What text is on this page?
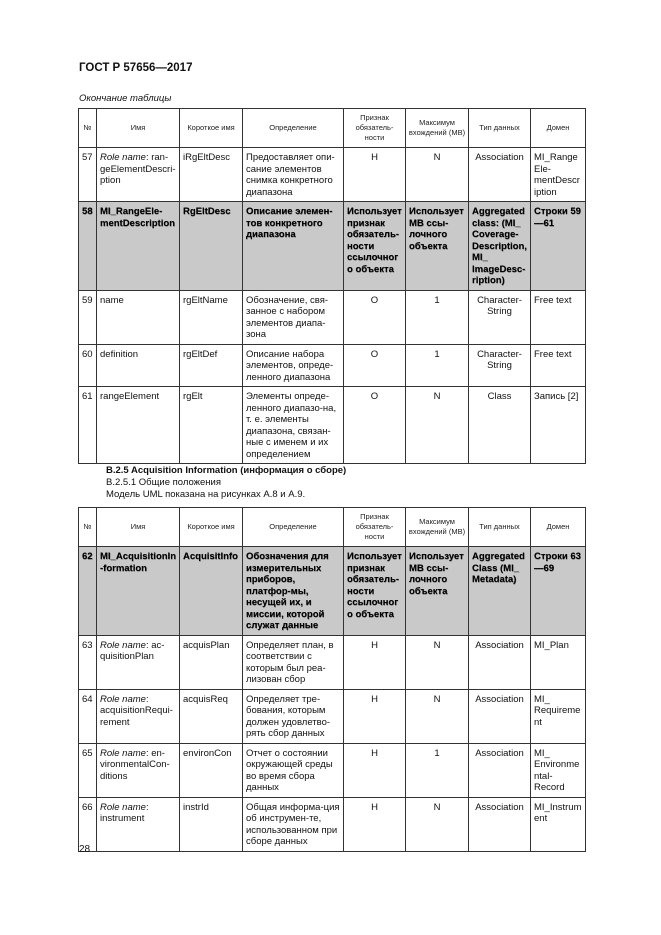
ГОСТ Р 57656—2017
Окончание таблицы
№	Имя	Короткое имя	Определение	Признак обязатель-ности	Максимум вхождений (MB)	Тип данных	Домен
57	Role name: ran-geElementDescri-ption	iRgEltDesc	Предоставляет опи-сание элементов снимка конкретного диапазона	Н	N	Association	MI_RangeEle-mentDescription
58	MI_RangeEle-mentDescription	RgEltDesc	Описание элемен-тов конкретного диапазона	Использует признак обязатель-ности ссылочного объекта	Использует MB ссы-лочного объекта	Aggregated class: (MI_ Coverage-Description, MI_ ImageDesc-ription)	Строки 59—61
59	name	rgEltName	Обозначение, свя-занное с набором элементов диапа-зона	О	1	Character-String	Free text
60	definition	rgEltDef	Описание набора элементов, опреде-ленного диапазона	О	1	Character-String	Free text
61	rangeElement	rgElt	Элементы опреде-ленного диапазо-на, т. е. элементы диапазона, связан-ные с именем и их определением	О	N	Class	Запись [2]
B.2.5 Acquisition Information (информация о сборе)
B.2.5.1 Общие положения
Модель UML показана на рисунках А.8 и А.9.
№	Имя	Короткое имя	Определение	Признак обязатель-ности	Максимум вхождений (MB)	Тип данных	Домен
62	MI_AcquisitionIn-formation	AcquisitInfo	Обозначения для измерительных приборов, платфор-мы, несущей их, и миссии, которой служат данные	Использует признак обязатель-ности ссылочного объекта	Использует MB ссы-лочного объекта	Aggregated Class (MI_ Metadata)	Строки 63—69
63	Role name: ac-quisitionPlan	acquisPlan	Определяет план, в соответствии с которым был реа-лизован сбор	Н	N	Association	MI_Plan
64	Role name: acquisitionRequi-rement	acquisReq	Определяет тре-бования, которым должен удовлетво-рять сбор данных	Н	N	Association	MI_ Requirement
65	Role name: en-vironmentalCon-ditions	environCon	Отчет о состоянии окружающей среды во время сбора данных	Н	1	Association	MI_ Environmental-Record
66	Role name: instrument	instrId	Общая информа-ция об инструмен-те, использованном при сборе данных	Н	N	Association	MI_Instrument
28
